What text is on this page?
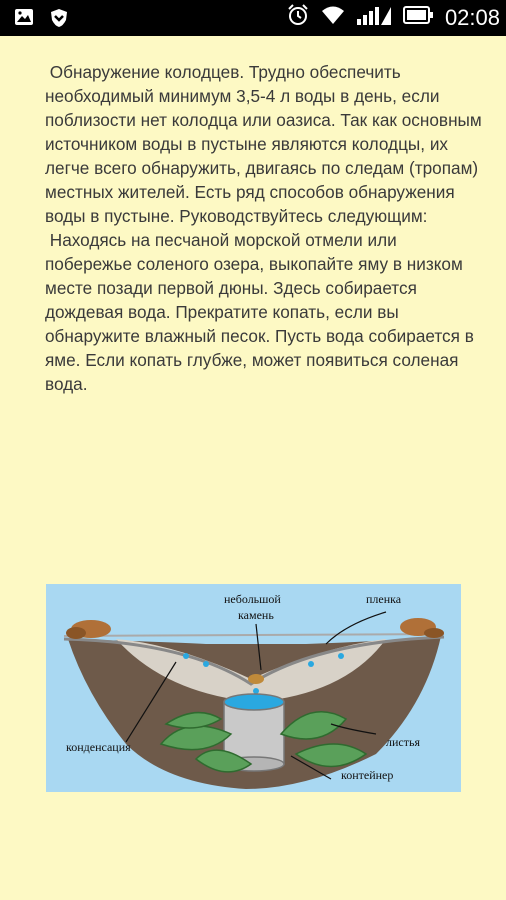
02:08

Обнаружение колодцев. Трудно обеспечить необходимый минимум 3,5-4 л воды в день, если поблизости нет колодца или оазиса. Так как основным источником воды в пустыне являются колодцы, их легче всего обнаружить, двигаясь по следам (тропам) местных жителей. Есть ряд способов обнаружения воды в пустыне. Руководствуйтесь следующим:

Находясь на песчаной морской отмели или побережье соленого озера, выкопайте яму в низком месте позади первой дюны. Здесь собирается дождевая вода. Прекратите копать, если вы обнаружите влажный песок. Пусть вода собирается в яме. Если копать глубже, может появиться соленая вода.

небольшой
камень
пленка
конденсация	листья
контейнер
